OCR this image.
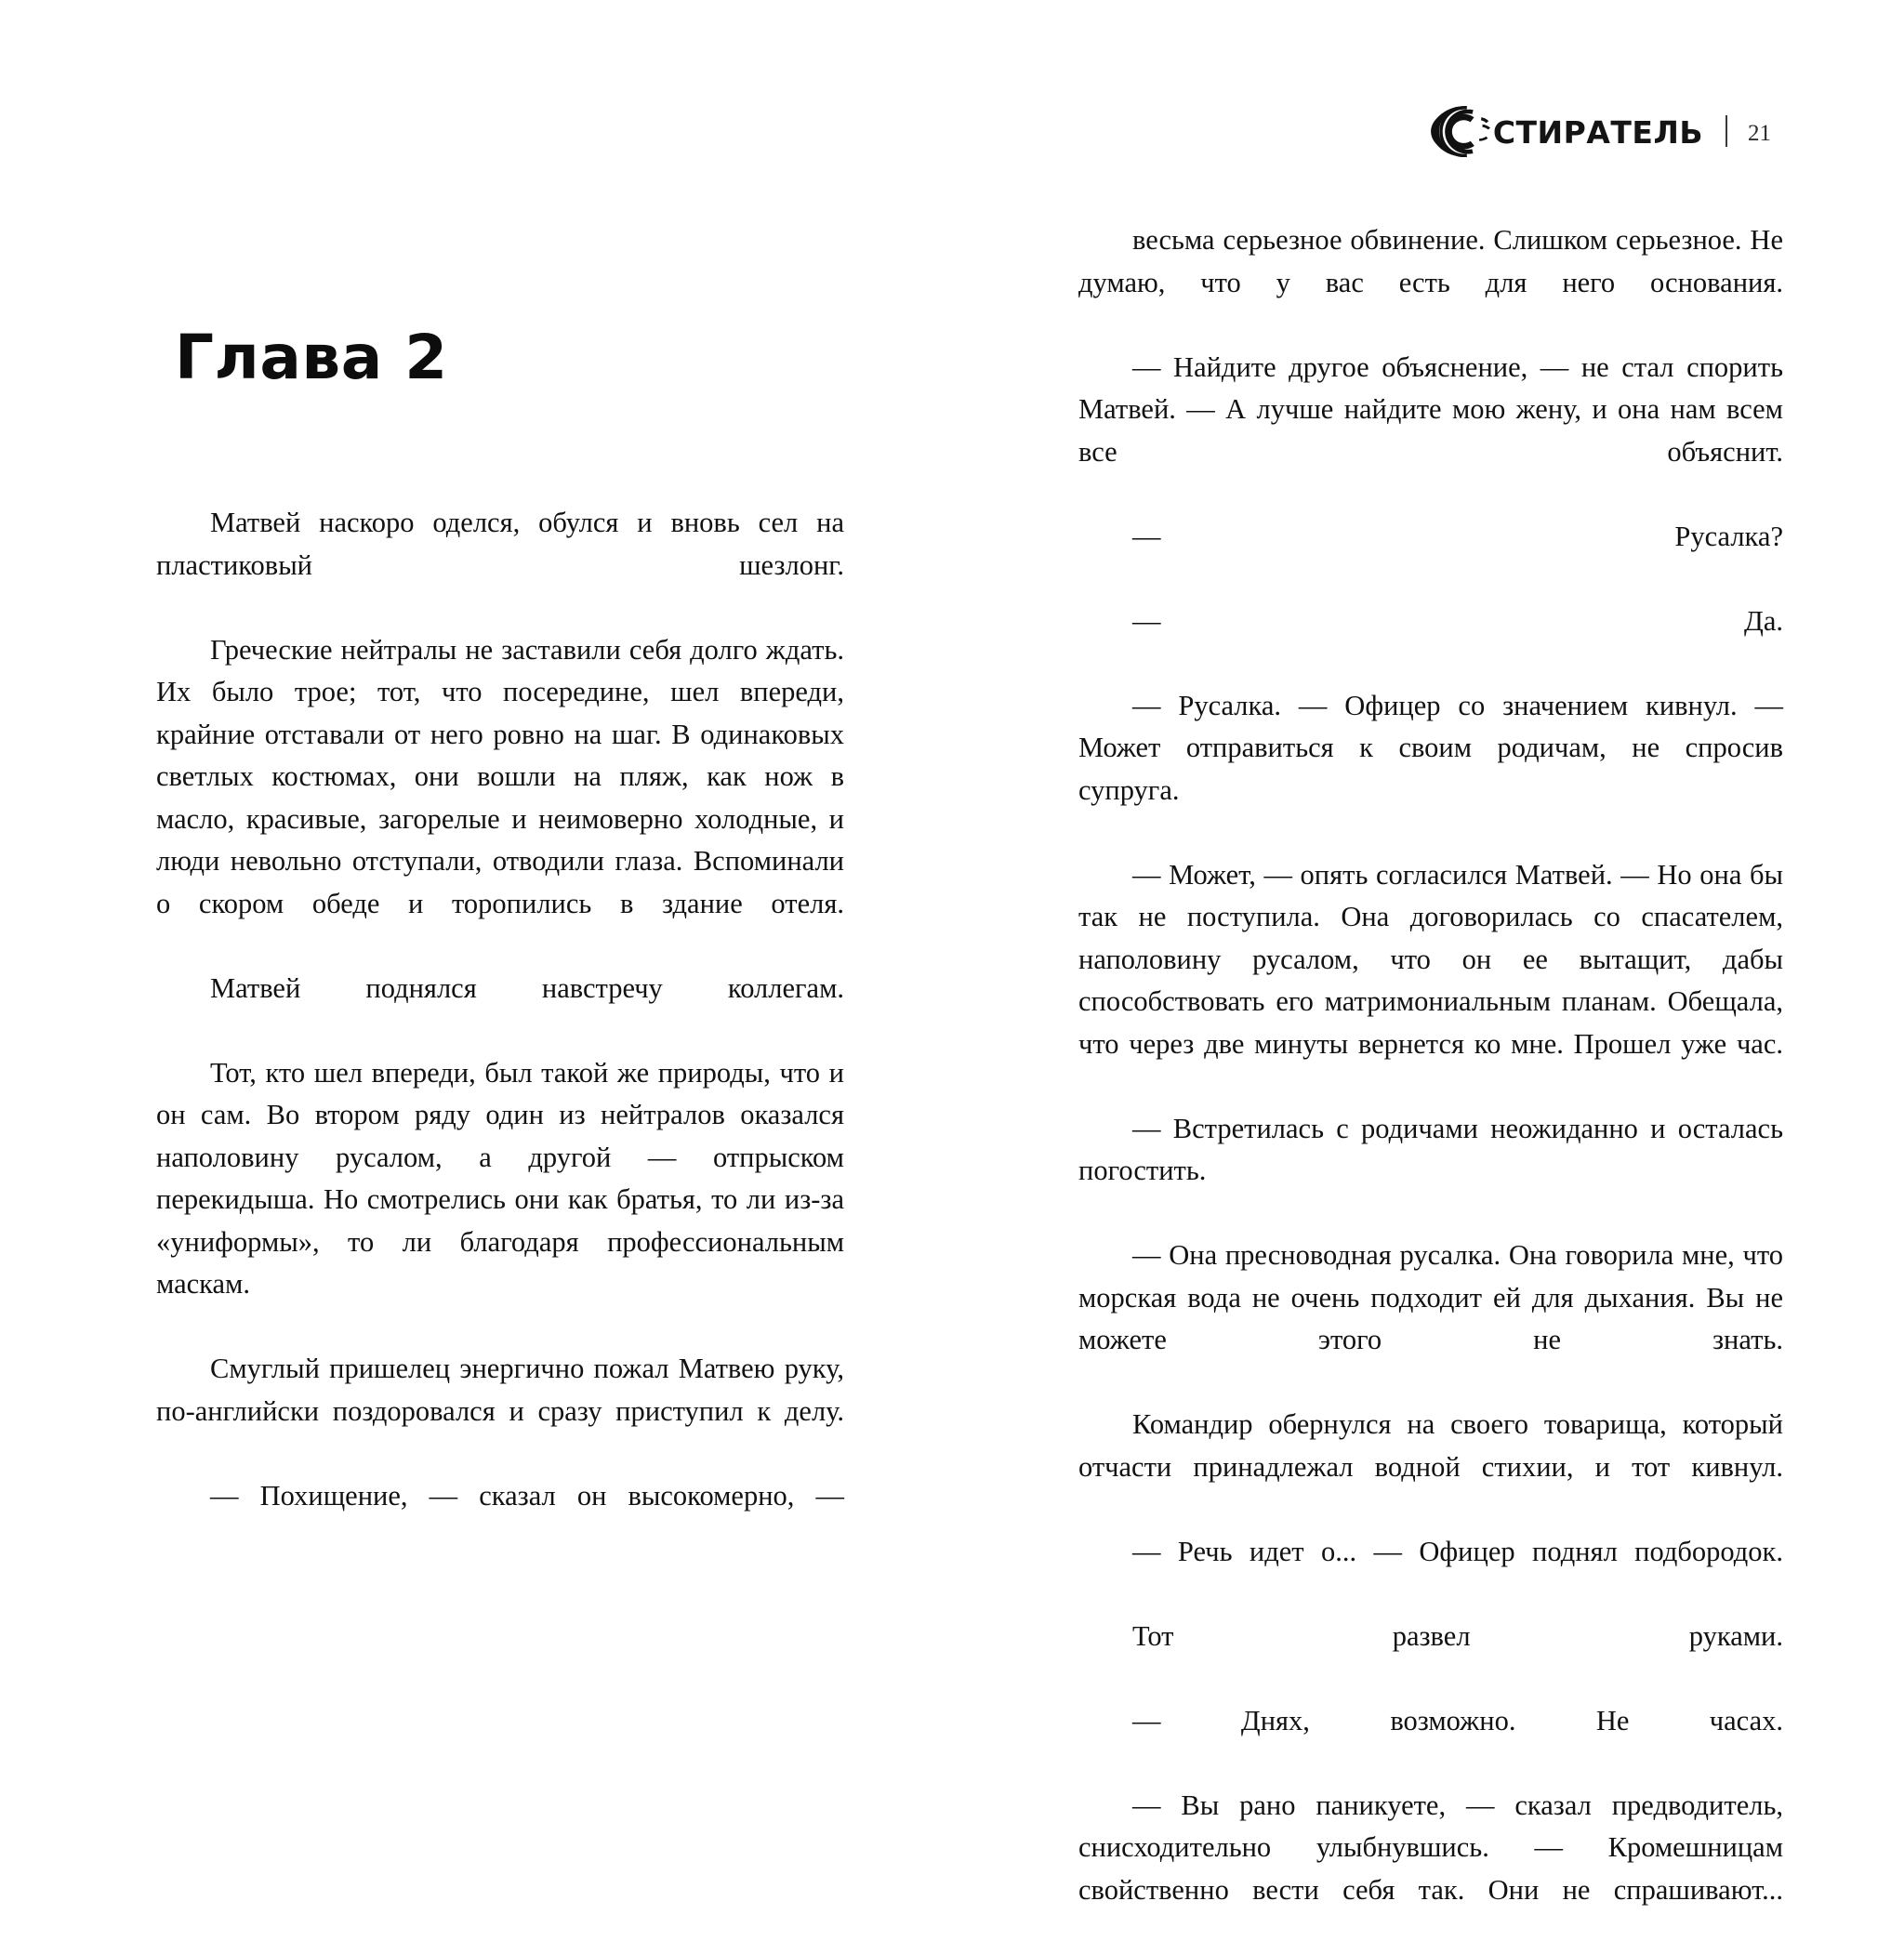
СТИРАТЕЛЬ 21
Глава 2

Матвей наскоро оделся, обулся и вновь сел на пластиковый шезлонг.

Греческие нейтралы не заставили себя долго ждать. Их было трое; тот, что посередине, шел впереди, крайние отставали от него ровно на шаг. В одинаковых светлых костюмах, они вошли на пляж, как нож в масло, красивые, загорелые и неимоверно холодные, и люди невольно отступали, отводили глаза. Вспоминали о скором обеде и торопились в здание отеля.

Матвей поднялся навстречу коллегам.

Тот, кто шел впереди, был такой же природы, что и он сам. Во втором ряду один из нейтралов оказался наполовину русалом, а другой — отпрыском перекидыша. Но смотрелись они как братья, то ли из-за «униформы», то ли благодаря профессиональным маскам.

Смуглый пришелец энергично пожал Матвею руку, по-английски поздоровался и сразу приступил к делу.

— Похищение, — сказал он высокомерно, —

весьма серьезное обвинение. Слишком серьезное. Не думаю, что у вас есть для него основания.

— Найдите другое объяснение, — не стал спорить Матвей. — А лучше найдите мою жену, и она нам всем все объяснит.

— Русалка?

— Да.

— Русалка. — Офицер со значением кивнул. — Может отправиться к своим родичам, не спросив супруга.

— Может, — опять согласился Матвей. — Но она бы так не поступила. Она договорилась со спасателем, наполовину русалом, что он ее вытащит, дабы способствовать его матримониальным планам. Обещала, что через две минуты вернется ко мне. Прошел уже час.

— Встретилась с родичами неожиданно и осталась погостить.

— Она пресноводная русалка. Она говорила мне, что морская вода не очень подходит ей для дыхания. Вы не можете этого не знать.

Командир обернулся на своего товарища, который отчасти принадлежал водной стихии, и тот кивнул.

— Речь идет о... — Офицер поднял подбородок.

Тот развел руками.

— Днях, возможно. Не часах.

— Вы рано паникуете, — сказал предводитель, снисходительно улыбнувшись. — Кромешницам свойственно вести себя так. Они не спрашивают...
